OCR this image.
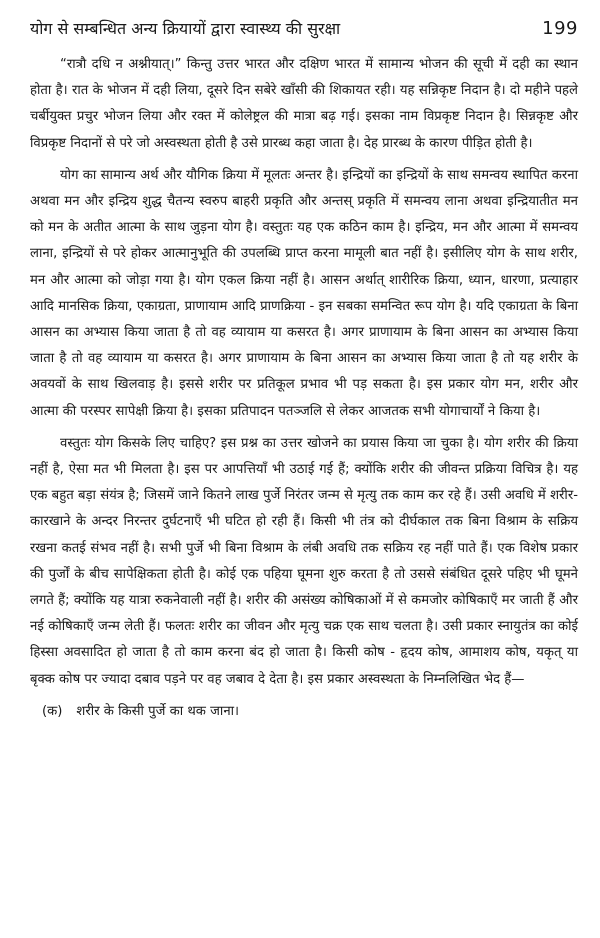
योग से सम्बन्धित अन्य क्रियायों द्वारा स्वास्थ्य की सुरक्षा	199

“रात्रौ दधि न अश्नीयात्।” किन्तु उत्तर भारत और दक्षिण भारत में सामान्य भोजन की सूची में दही का स्थान होता है। रात के भोजन में दही लिया, दूसरे दिन सबेरे खाँसी की शिकायत रही। यह सन्निकृष्ट निदान है। दो महीने पहले चर्बीयुक्त प्रचुर भोजन लिया और रक्त में कोलेष्ट्रल की मात्रा बढ़ गई। इसका नाम विप्रकृष्ट निदान है। सिन्नकृष्ट और विप्रकृष्ट निदानों से परे जो अस्वस्थता होती है उसे प्रारब्ध कहा जाता है। देह प्रारब्ध के कारण पीड़ित होती है।

योग का सामान्य अर्थ और यौगिक क्रिया में मूलतः अन्तर है। इन्द्रियों का इन्द्रियों के साथ समन्वय स्थापित करना अथवा मन और इन्द्रिय शुद्ध चैतन्य स्वरुप बाहरी प्रकृति और अन्तस् प्रकृति में समन्वय लाना अथवा इन्द्रियातीत मन को मन के अतीत आत्मा के साथ जुड़ना योग है। वस्तुतः यह एक कठिन काम है। इन्द्रिय, मन और आत्मा में समन्वय लाना, इन्द्रियों से परे होकर आत्मानुभूति की उपलब्धि प्राप्त करना मामूली बात नहीं है। इसीलिए योग के साथ शरीर, मन और आत्मा को जोड़ा गया है। योग एकल क्रिया नहीं है। आसन अर्थात् शारीरिक क्रिया, ध्यान, धारणा, प्रत्याहार आदि मानसिक क्रिया, एकाग्रता, प्राणायाम आदि प्राणक्रिया - इन सबका समन्वित रूप योग है। यदि एकाग्रता के बिना आसन का अभ्यास किया जाता है तो वह व्यायाम या कसरत है। अगर प्राणायाम के बिना आसन का अभ्यास किया जाता है तो वह व्यायाम या कसरत है। अगर प्राणायाम के बिना आसन का अभ्यास किया जाता है तो यह शरीर के अवयवों के साथ खिलवाड़ है। इससे शरीर पर प्रतिकूल प्रभाव भी पड़ सकता है। इस प्रकार योग मन, शरीर और आत्मा की परस्पर सापेक्षी क्रिया है। इसका प्रतिपादन पतञ्जलि से लेकर आजतक सभी योगाचार्यों ने किया है।

वस्तुतः योग किसके लिए चाहिए? इस प्रश्न का उत्तर खोजने का प्रयास किया जा चुका है। योग शरीर की क्रिया नहीं है, ऐसा मत भी मिलता है। इस पर आपत्तियाँ भी उठाई गई हैं; क्योंकि शरीर की जीवन्त प्रक्रिया विचित्र है। यह एक बहुत बड़ा संयंत्र है; जिसमें जाने कितने लाख पुर्जे निरंतर जन्म से मृत्यु तक काम कर रहे हैं। उसी अवधि में शरीर-कारखाने के अन्दर निरन्तर दुर्घटनाएँ भी घटित हो रही हैं। किसी भी तंत्र को दीर्घकाल तक बिना विश्राम के सक्रिय रखना कतई संभव नहीं है। सभी पुर्जे भी बिना विश्राम के लंबी अवधि तक सक्रिय रह नहीं पाते हैं। एक विशेष प्रकार की पुर्जों के बीच सापेक्षिकता होती है। कोई एक पहिया घूमना शुरु करता है तो उससे संबंधित दूसरे पहिए भी घूमने लगते हैं; क्योंकि यह यात्रा रुकनेवाली नहीं है। शरीर की असंख्य कोषिकाओं में से कमजोर कोषिकाएँ मर जाती हैं और नई कोषिकाएँ जन्म लेती हैं। फलतः शरीर का जीवन और मृत्यु चक्र एक साथ चलता है। उसी प्रकार स्नायुतंत्र का कोई हिस्सा अवसादित हो जाता है तो काम करना बंद हो जाता है। किसी कोष - हृदय कोष, आमाशय कोष, यकृत् या बृक्क कोष पर ज्यादा दबाव पड़ने पर वह जबाव दे देता है। इस प्रकार अस्वस्थता के निम्नलिखित भेद हैं—

(क) शरीर के किसी पुर्जे का थक जाना।
